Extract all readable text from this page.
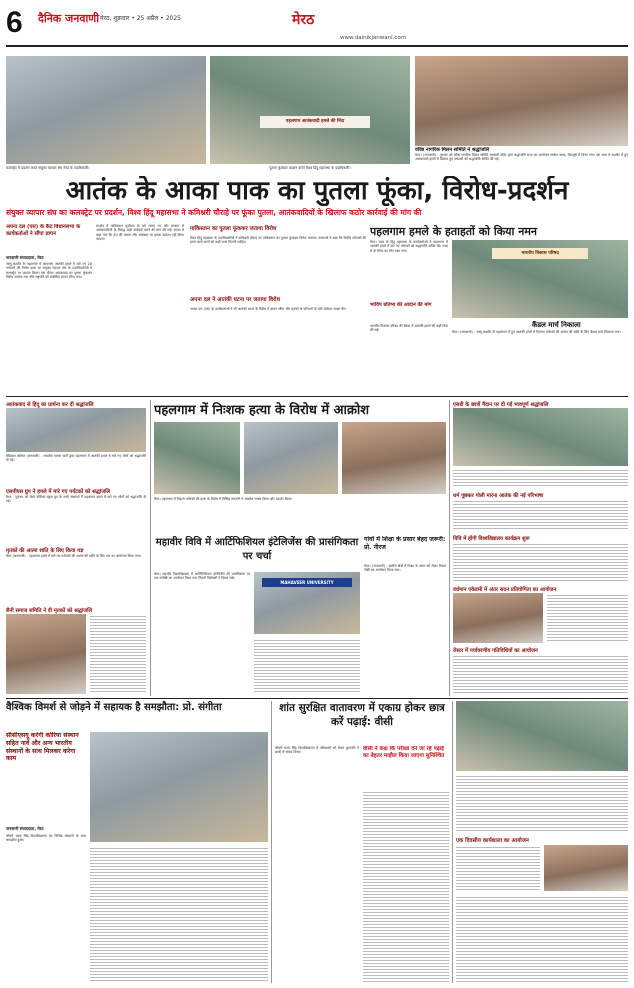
6 दैनिक जनवाणी मेरठ, शुक्रवार • 25 अप्रैल • 2025	मेरठ
www.dainikjanwani.com
कलक्ट्रेट में प्रदर्शन करते संयुक्त व्यापार संघ मेरठ के पदाधिकारी।
पहलगाम आतंकवादी हमले की निंदा
पुतला फूंककर प्रदर्शन करते विश्व हिंदू महासभा के पदाधिकारी।
वरिष्ठ नागरिक मिलन समिति ने श्रद्धांजलि
मेरठ। (जनवाणी) - गुरुवार को वरिष्ठ नागरिक मिलन समिति सरस्वती मंदिर द्वारा श्रद्धांजलि सभा का आयोजन साकेत क्लब, शिवपुरी में किया गया। इस सभा में कश्मीर में हुए आतंकवादी हमले में दिवंगत हुए पर्यटकों को श्रद्धांजलि अर्पित की गई।
आतंक के आका पाक का पुतला फूंका, विरोध-प्रदर्शन
संयुक्त व्यापार संघ का कलक्ट्रेट पर प्रदर्शन, विश्व हिंदू महासभा ने कमिश्नरी चौराहे पर फूंका पुतला, आतंकवादियों के खिलाफ कठोर कार्रवाई की मांग की
अपना दल (एस) के कैंट विधानसभा के कार्यकर्ताओं ने सौंपा ज्ञापन
जनवाणी संवाददाता, मेरठ
जम्मू-कश्मीर के पहलगाम में कायराना आतंकी हमले में मारे गए 28 पर्यटकों की निर्मम हत्या पर संयुक्त व्यापार संघ के पदाधिकारियों ने कलक्ट्रेट पर प्रदर्शन किया। इस दौरान आतंकवाद का पुतला फूंककर विरोध जताया गया और राष्ट्रपति को संबोधित ज्ञापन सौंपा गया।
प्रदर्शन में पाकिस्तान मुर्दाबाद के नारे लगाए गए और सरकार से आतंकवादियों के विरुद्ध कड़ी कार्रवाई करने की मांग की गई। ज्ञापन में कहा गया कि देश की एकता और अखंडता पर हमला बर्दाश्त नहीं किया जाएगा।
पाकिस्तान का पुतला फूंककर जताया विरोध
विश्व हिंदू महासभा के पदाधिकारियों ने कमिश्नरी चौराहे पर पाकिस्तान का पुतला फूंककर विरोध जताया। वक्ताओं ने कहा कि निर्दोष पर्यटकों की हत्या करने वालों को कड़ी सजा मिलनी चाहिए।
अपना दल ने आतंकी घटना पर जताया विरोध
अपना दल (एस) के कार्यकर्ताओं ने भी आतंकी घटना के विरोध में ज्ञापन सौंपा और मृतकों के परिजनों के प्रति संवेदना व्यक्त की।
पहलगाम हमले के हताहतों को किया नमन
मेरठ। सदर के हिंदू महासभा के कार्यकर्ताओं ने पहलगाम में आतंकी हमले में मारे गए पर्यटकों को श्रद्धांजलि अर्पित की। सभा में दो मिनट का मौन रखा गया।
भाविप प्रतिभा की आदान की मांग
भारतीय विकास परिषद की बैठक में आतंकी हमले की कड़ी निंदा की गई।
भारतीय विकास परिषद
कैंडल मार्च निकाला
मेरठ। (जनवाणी) - जम्मू-कश्मीर के पहलगाम में हुए आतंकी हमले में दिवंगत पर्यटकों की आत्मा की शांति के लिए कैंडल मार्च निकाला गया।
आतंकवाद से हिंदू का प्रार्थना कर दी श्रद्धांजलि
मेडिकल कॉलेज (जनवाणी) - भारतीय जनता पार्टी द्वारा पहलगाम में आतंकी हमले में मारे गए लोगों को श्रद्धांजलि दी गई।
एसपीएस ग्रुप ने हमले में मारे गए पर्यटकों को श्रद्धांजलि
मेरठ - गुरुवार को मेरठ पब्लिक स्कूल ग्रुप के सभी संस्थानों में पहलगाम हमले में मारे गए लोगों को श्रद्धांजलि दी गई।
मृतकों की आत्मा शांति के लिए किया यज्ञ
मेरठ (जनवाणी) - पहलगाम हमले में मारे गए पर्यटकों की आत्मा की शांति के लिए यज्ञ का आयोजन किया गया।
सैनी समाज समिति ने दी मृतकों को श्रद्धांजलि
पहलगाम में निःशक हत्या के विरोध में आक्रोश
मेरठ। पहलगाम में निहत्थे पर्यटकों की हत्या के विरोध में विभिन्न संगठनों ने आक्रोश व्यक्त किया और प्रदर्शन किया।
गांवों में शिक्षा के प्रसार बेहद जरूरी: प्रो. नीरज
मेरठ। (जनवाणी) - ग्रामीण क्षेत्रों में शिक्षा के प्रसार को लेकर विचार गोष्ठी का आयोजन किया गया।
महावीर विवि में आर्टिफिशियल इंटेलिजेंस की प्रासंगिकता पर चर्चा
मेरठ। महावीर विश्वविद्यालय में आर्टिफिशियल इंटेलिजेंस की प्रासंगिकता पर एक संगोष्ठी का आयोजन किया गया जिसमें विशेषज्ञों ने विचार रखे।
MAHAVEER UNIVERSITY
एसडी के छात्रों मैदान पर दी गई भावपूर्ण श्रद्धांजलि
धर्म पूछकर गोली मारना आतंक की नई परिभाषा
विवि में होंगी विश्वविद्यालय कार्यक्रम शुरू
वर्धमान एकेडमी में अंतर सदन प्रतियोगिता का आयोजन
रोस्टर में पर्यावरणीय गतिविधियों का आयोजन
वैश्विक विमर्श से जोड़ने में सहायक है समझौता: प्रो. संगीता
सीसीएसयू करेगी कोरिया संस्थान सहित नार्वे और अन्य भारतीय संस्थानों के साथ मिलकर करेगा काम
जनवाणी संवाददाता, मेरठ
चौधरी चरण सिंह विश्वविद्यालय का विभिन्न संस्थानों के साथ समझौता हुआ।
शांत सुरक्षित वातावरण में एकाग्र होकर छात्र करें पढ़ाई: वीसी
चौधरी चरण सिंह विश्वविद्यालय में परीक्षाओं को लेकर कुलपति ने छात्रों से संवाद किया।
वीसी ने कक्ष कि परीक्षा देने जा रहे पढ़ाई का बेहतर माहौल किया जाएगा सुनिश्चित
एक दिवसीय कार्यशाला का आयोजन
